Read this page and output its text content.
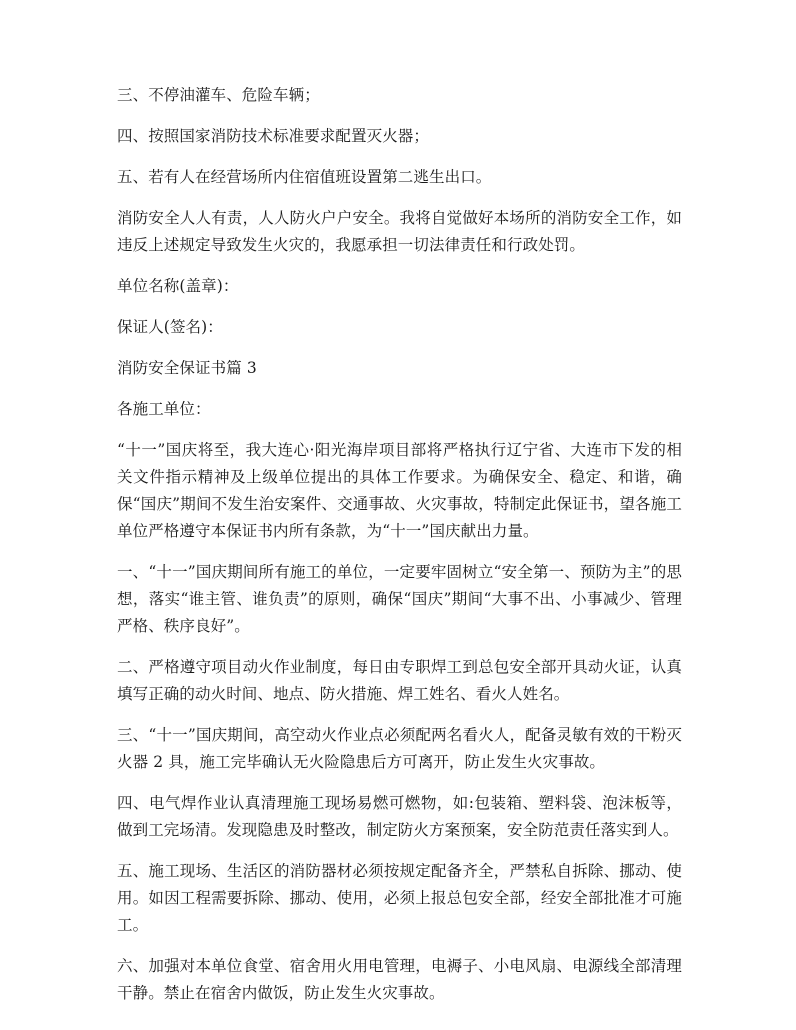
三、不停油灌车、危险车辆；

四、按照国家消防技术标准要求配置灭火器；

五、若有人在经营场所内住宿值班设置第二逃生出口。

消防安全人人有责，人人防火户户安全。我将自觉做好本场所的消防安全工作，如违反上述规定导致发生火灾的，我愿承担一切法律责任和行政处罚。

单位名称(盖章)：

保证人(签名)：

消防安全保证书篇 3

各施工单位：

“十一”国庆将至，我大连心·阳光海岸项目部将严格执行辽宁省、大连市下发的相关文件指示精神及上级单位提出的具体工作要求。为确保安全、稳定、和谐，确保“国庆”期间不发生治安案件、交通事故、火灾事故，特制定此保证书，望各施工单位严格遵守本保证书内所有条款，为“十一”国庆献出力量。

一、“十一”国庆期间所有施工的单位，一定要牢固树立“安全第一、预防为主”的思想，落实“谁主管、谁负责”的原则，确保“国庆”期间“大事不出、小事减少、管理严格、秩序良好”。

二、严格遵守项目动火作业制度，每日由专职焊工到总包安全部开具动火证，认真填写正确的动火时间、地点、防火措施、焊工姓名、看火人姓名。

三、“十一”国庆期间，高空动火作业点必须配两名看火人，配备灵敏有效的干粉灭火器 2 具，施工完毕确认无火险隐患后方可离开，防止发生火灾事故。

四、电气焊作业认真清理施工现场易燃可燃物，如:包装箱、塑料袋、泡沫板等，做到工完场清。发现隐患及时整改，制定防火方案预案，安全防范责任落实到人。

五、施工现场、生活区的消防器材必须按规定配备齐全，严禁私自拆除、挪动、使用。如因工程需要拆除、挪动、使用，必须上报总包安全部，经安全部批准才可施工。

六、加强对本单位食堂、宿舍用火用电管理，电褥子、小电风扇、电源线全部清理干静。禁止在宿舍内做饭，防止发生火灾事故。
